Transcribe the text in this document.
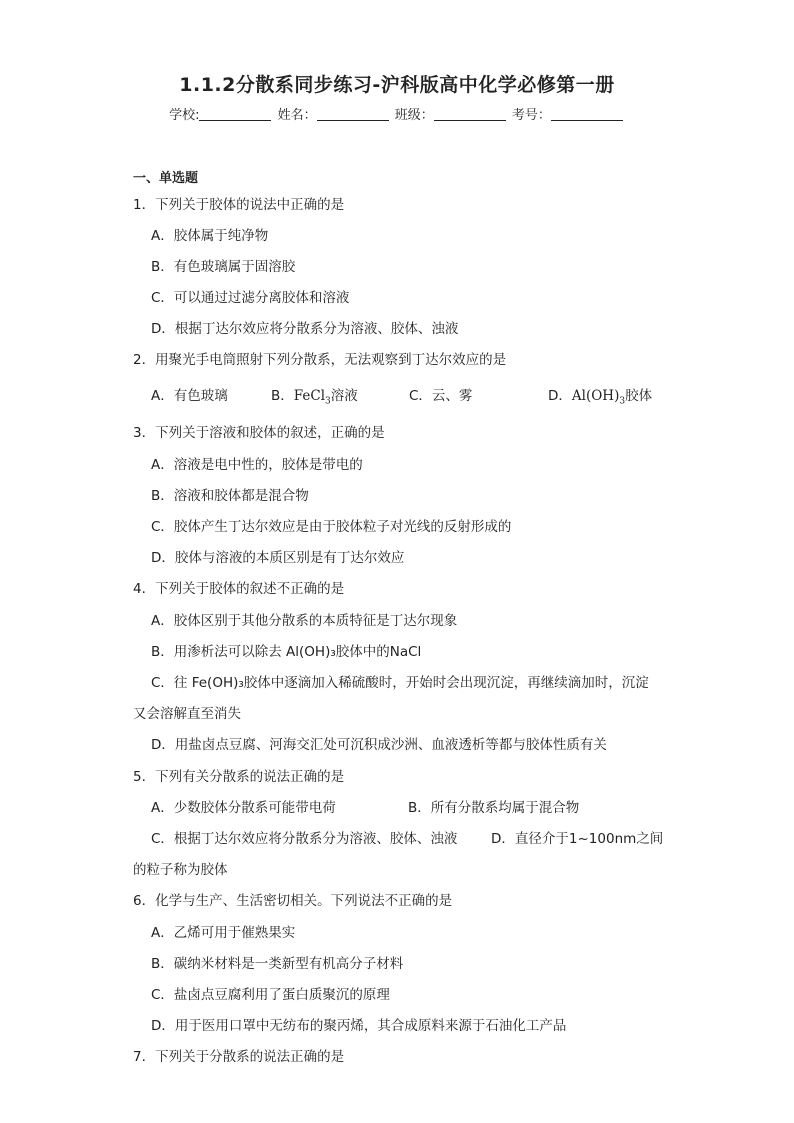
1.1.2分散系同步练习-沪科版高中化学必修第一册
学校:	姓名：	班级：	考号：
一、单选题
1．下列关于胶体的说法中正确的是
A．胶体属于纯净物
B．有色玻璃属于固溶胶
C．可以通过过滤分离胶体和溶液
D．根据丁达尔效应将分散系分为溶液、胶体、浊液
2．用聚光手电筒照射下列分散系，无法观察到丁达尔效应的是
A．有色玻璃	B．FeCl$_3$溶液	C．云、雾	D．$Al(OH)_3$胶体
3．下列关于溶液和胶体的叙述，正确的是
A．溶液是电中性的，胶体是带电的
B．溶液和胶体都是混合物
C．胶体产生丁达尔效应是由于胶体粒子对光线的反射形成的
D．胶体与溶液的本质区别是有丁达尔效应
4．下列关于胶体的叙述不正确的是
A．胶体区别于其他分散系的本质特征是丁达尔现象
B．用渗析法可以除去 Al(OH)₃胶体中的NaCl
C．往 Fe(OH)₃胶体中逐滴加入稀硫酸时，开始时会出现沉淀，再继续滴加时，沉淀
又会溶解直至消失
D．用盐卤点豆腐、河海交汇处可沉积成沙洲、血液透析等都与胶体性质有关
5．下列有关分散系的说法正确的是
A．少数胶体分散系可能带电荷	B．所有分散系均属于混合物
C．根据丁达尔效应将分散系分为溶液、胶体、浊液 D．直径介于1~100nm之间
的粒子称为胶体
6．化学与生产、生活密切相关。下列说法不正确的是
A．乙烯可用于催熟果实
B．碳纳米材料是一类新型有机高分子材料
C．盐卤点豆腐利用了蛋白质聚沉的原理
D．用于医用口罩中无纺布的聚丙烯，其合成原料来源于石油化工产品
7．下列关于分散系的说法正确的是
